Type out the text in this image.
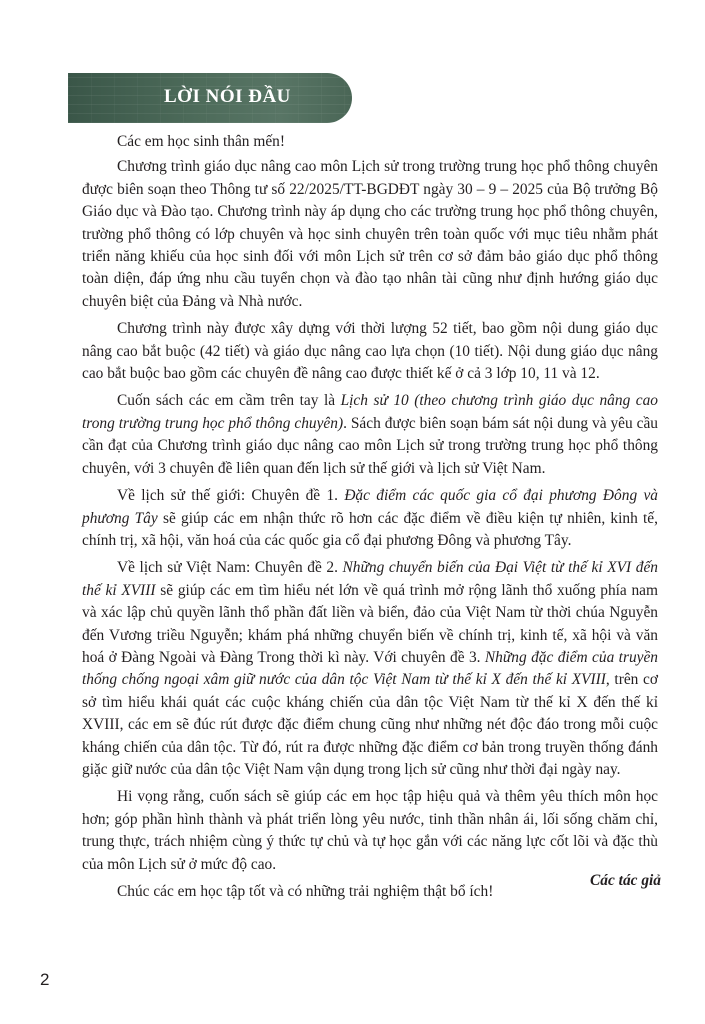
LỜI NÓI ĐẦU

Các em học sinh thân mến!

Chương trình giáo dục nâng cao môn Lịch sử trong trường trung học phổ thông chuyên được biên soạn theo Thông tư số 22/2025/TT-BGDĐT ngày 30 – 9 – 2025 của Bộ trưởng Bộ Giáo dục và Đào tạo. Chương trình này áp dụng cho các trường trung học phổ thông chuyên, trường phổ thông có lớp chuyên và học sinh chuyên trên toàn quốc với mục tiêu nhằm phát triển năng khiếu của học sinh đối với môn Lịch sử trên cơ sở đảm bảo giáo dục phổ thông toàn diện, đáp ứng nhu cầu tuyển chọn và đào tạo nhân tài cũng như định hướng giáo dục chuyên biệt của Đảng và Nhà nước.

Chương trình này được xây dựng với thời lượng 52 tiết, bao gồm nội dung giáo dục nâng cao bắt buộc (42 tiết) và giáo dục nâng cao lựa chọn (10 tiết). Nội dung giáo dục nâng cao bắt buộc bao gồm các chuyên đề nâng cao được thiết kế ở cả 3 lớp 10, 11 và 12.

Cuốn sách các em cầm trên tay là Lịch sử 10 (theo chương trình giáo dục nâng cao trong trường trung học phổ thông chuyên). Sách được biên soạn bám sát nội dung và yêu cầu cần đạt của Chương trình giáo dục nâng cao môn Lịch sử trong trường trung học phổ thông chuyên, với 3 chuyên đề liên quan đến lịch sử thế giới và lịch sử Việt Nam.

Về lịch sử thế giới: Chuyên đề 1. Đặc điểm các quốc gia cổ đại phương Đông và phương Tây sẽ giúp các em nhận thức rõ hơn các đặc điểm về điều kiện tự nhiên, kinh tế, chính trị, xã hội, văn hoá của các quốc gia cổ đại phương Đông và phương Tây.

Về lịch sử Việt Nam: Chuyên đề 2. Những chuyển biến của Đại Việt từ thế kỉ XVI đến thế kỉ XVIII sẽ giúp các em tìm hiểu nét lớn về quá trình mở rộng lãnh thổ xuống phía nam và xác lập chủ quyền lãnh thổ phần đất liền và biển, đảo của Việt Nam từ thời chúa Nguyễn đến Vương triều Nguyễn; khám phá những chuyển biến về chính trị, kinh tế, xã hội và văn hoá ở Đàng Ngoài và Đàng Trong thời kì này. Với chuyên đề 3. Những đặc điểm của truyền thống chống ngoại xâm giữ nước của dân tộc Việt Nam từ thế kỉ X đến thế kỉ XVIII, trên cơ sở tìm hiểu khái quát các cuộc kháng chiến của dân tộc Việt Nam từ thế kỉ X đến thế kỉ XVIII, các em sẽ đúc rút được đặc điểm chung cũng như những nét độc đáo trong mỗi cuộc kháng chiến của dân tộc. Từ đó, rút ra được những đặc điểm cơ bản trong truyền thống đánh giặc giữ nước của dân tộc Việt Nam vận dụng trong lịch sử cũng như thời đại ngày nay.

Hi vọng rằng, cuốn sách sẽ giúp các em học tập hiệu quả và thêm yêu thích môn học hơn; góp phần hình thành và phát triển lòng yêu nước, tinh thần nhân ái, lối sống chăm chỉ, trung thực, trách nhiệm cùng ý thức tự chủ và tự học gắn với các năng lực cốt lõi và đặc thù của môn Lịch sử ở mức độ cao.

Chúc các em học tập tốt và có những trải nghiệm thật bổ ích!

Các tác giả
2
